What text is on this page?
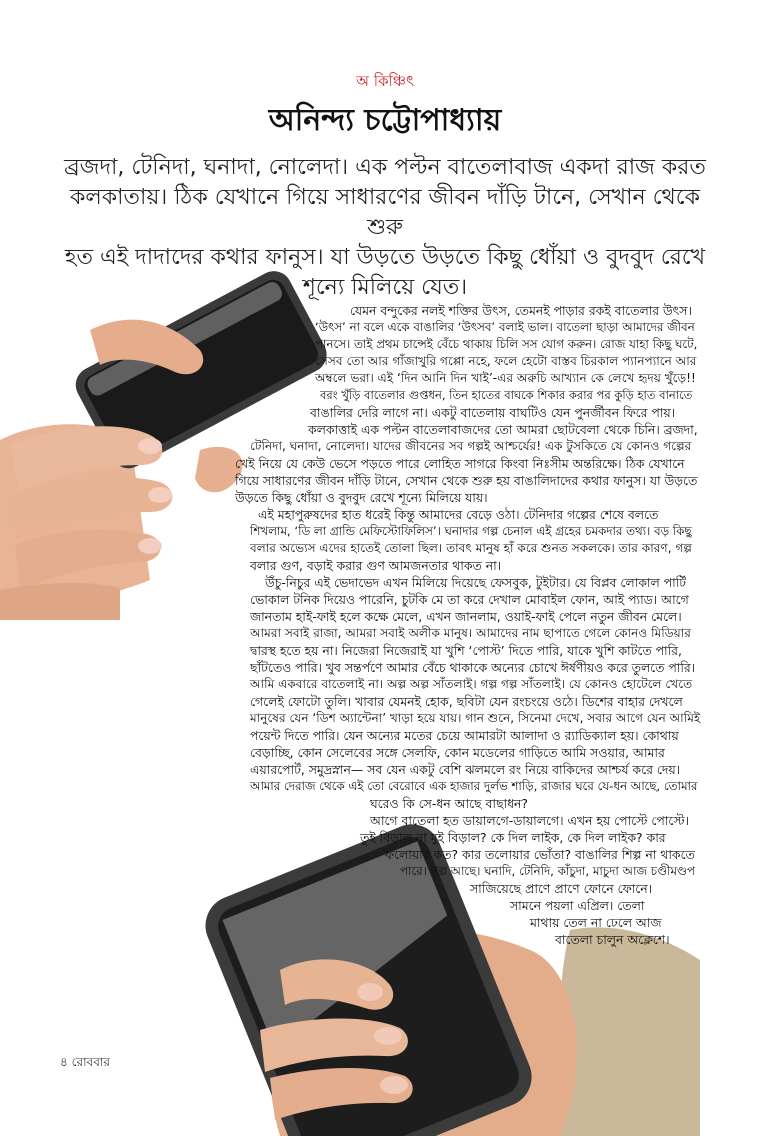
অ কিঞ্চিৎ
অনিন্দ্য চট্টোপাধ্যায়
ব্রজদা, টেনিদা, ঘনাদা, নোলেদা। এক পল্টন বাতেলাবাজ একদা রাজ করত
কলকাতায়। ঠিক যেখানে গিয়ে সাধারণের জীবন দাঁড়ি টানে, সেখান থেকে শুরু
হত এই দাদাদের কথার ফানুস। যা উড়তে উড়তে কিছু ধোঁয়া ও বুদবুদ রেখে
শূন্যে মিলিয়ে যেত।
যেমন বন্দুকের নলই শক্তির উৎস, তেমনই পাড়ার রকই বাতেলার উৎস।
‘উৎস’ না বলে একে বাঙালির ‘উৎসব’ বলাই ভাল। বাতেলা ছাড়া আমাদের জীবন
পানসে। তাই প্রথম চান্সেই বেঁচে থাকায় চিলি সস যোগ করুন। রোজ যাহা কিছু ঘটে,
সেসব তো আর গাঁজাখুরি গপ্পো নহে, ফলে হেটো বাস্তব চিরকাল প্যানপ্যানে আর
অম্বলে ভরা। এই ‘দিন আনি দিন খাই’-এর অরুচি আখ্যান কে লেখে হৃদয় খুঁড়ে!!
বরং খুঁড়ি বাতেলার গুপ্তধন, তিন হাতের বাঘকে শিকার করার পর কুড়ি হাত বানাতে
বাঙালির দেরি লাগে না। একটু বাতেলায় বাঘটিও যেন পুনর্জীবন ফিরে পায়।
কলকাত্তাই এক পল্টন বাতেলাবাজদের তো আমরা ছোটবেলা থেকে চিনি। ব্রজদা,
টেনিদা, ঘনাদা, নোলেদা। যাদের জীবনের সব গল্পই আশ্চর্যের! এক টুসকিতে যে কোনও গল্পের
খেই নিয়ে যে কেউ ভেসে পড়তে পারে লোহিত সাগরে কিংবা নিঃসীম অন্তরিক্ষে। ঠিক যেখানে
গিয়ে সাধারণের জীবন দাঁড়ি টানে, সেখান থেকে শুরু হয় বাঙালিদাদের কথার ফানুস। যা উড়তে
উড়তে কিছু ধোঁয়া ও বুদবুদ রেখে শূন্যে মিলিয়ে যায়।
এই মহাপুরুষদের হাত ধরেই কিন্তু আমাদের বেড়ে ওঠা। টেনিদার গল্পের শেষে বলতে
শিখলাম, ‘ডি লা গ্রান্ডি মেফিস্টোফিলিস’। ঘনাদার গল্প চেনাল এই গ্রহের চমকদার তথ্য। বড় কিছু
বলার অভ্যেস এদের হাতেই তোলা ছিল। তাবৎ মানুষ হাঁ করে শুনত সকলকে। তার কারণ, গল্প
বলার গুণ, বড়াই করার গুণ আমজনতার থাকত না।
উঁচু-নিচুর এই ভেদাভেদ এখন মিলিয়ে দিয়েছে ফেসবুক, টুইটার। যে বিপ্লব লোকাল পার্টি
ভোকাল টনিক দিয়েও পারেনি, চুটকি মে তা করে দেখাল মোবাইল ফোন, আই প্যাড। আগে
জানতাম হাই-ফাই হলে কক্ষে মেলে, এখন জানলাম, ওয়াই-ফাই পেলে নতুন জীবন মেলে।
আমরা সবাই রাজা, আমরা সবাই অলীক মানুষ। আমাদের নাম ছাপাতে গেলে কোনও মিডিয়ার
দ্বারস্থ হতে হয় না। নিজেরা নিজেরাই যা খুশি ‘পোস্ট’ দিতে পারি, যাকে খুশি কাটতে পারি,
ছাঁটতেও পারি। খুব সন্তর্পণে আমার বেঁচে থাকাকে অন্যের চোখে ঈর্ষণীয়ও করে তুলতে পারি।
আমি একবারে বাতেলাই না। অল্প অল্প সাঁতলাই। গল্প গল্প সাঁতলাই। যে কোনও হোটেলে খেতে
গেলেই ফোটো তুলি। খাবার যেমনই হোক, ছবিটা যেন রংচংয়ে ওঠে। ডিশের বাহার দেখলে
মানুষের যেন ‘ডিশ অ্যান্টেনা’ খাড়া হয়ে যায়। গান শুনে, সিনেমা দেখে, সবার আগে যেন আমিই
পয়েন্ট দিতে পারি। যেন অন্যের মতের চেয়ে আমারটা আলাদা ও র‍্যাডিক্যাল হয়। কোথায়
বেড়াচ্ছি, কোন সেলেবের সঙ্গে সেলফি, কোন মডেলের গাড়িতে আমি সওয়ার, আমার
এয়ারপোর্ট, সমুদ্রস্নান— সব যেন একটু বেশি ঝলমলে রং নিয়ে বাকিদের আশ্চর্য করে দেয়।
আমার দেরাজ থেকে এই তো বেরোবে এক হাজার দুর্লভ শাড়ি, রাজার ঘরে যে-ধন আছে, তোমার
ঘরেও কি সে-ধন আছে বাছাধন?
আগে বাতেলা হত ডায়ালগে-ডায়ালগে। এখন হয় পোস্টে পোস্টে।
তুই বিড়াল না মুই বিড়াল? কে দিল লাইক, কে দিল লাইক? কার
ফলোয়ার কত? কার তলোয়ার ভোঁতা? বাঙালির শিল্প না থাকতে
পারে। গল্প আছে। ঘনাদি, টেনিদি, কাঁচুদা, মাচুদা আজ চণ্ডীমণ্ডপ
সাজিয়েছে প্রাণে প্রাণে ফোনে ফোনে।
সামনে পয়লা এপ্রিল। তেলা
মাথায় তেল না ঢেলে আজ
বাতেলা চালুন অক্লেশে।
৪ রোববার
